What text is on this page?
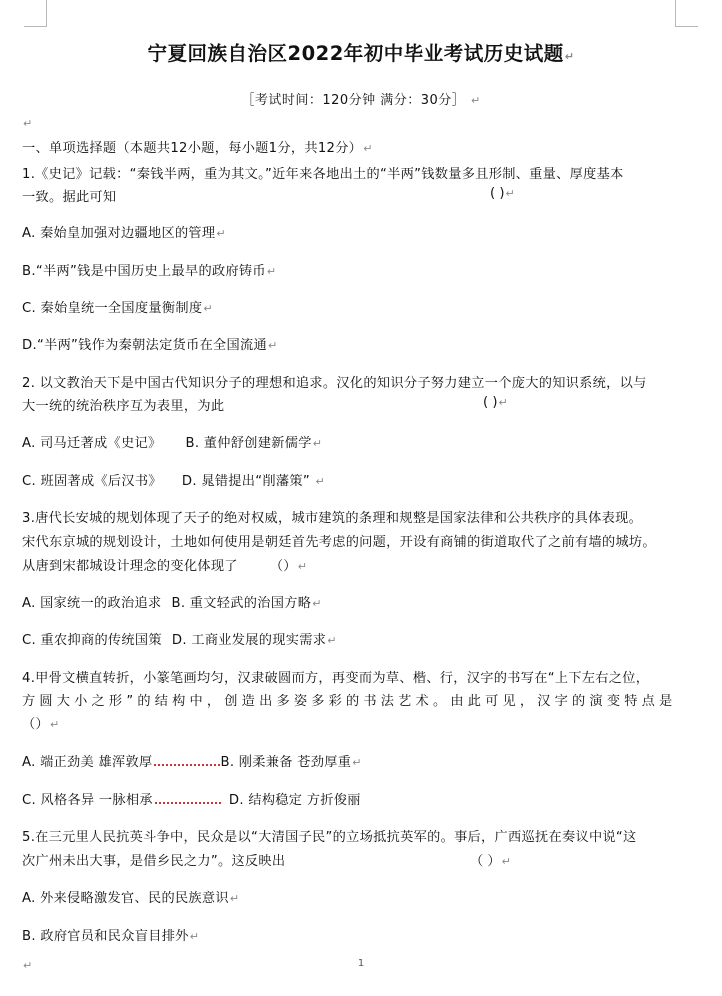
宁夏回族自治区2022年初中毕业考试历史试题↵
［考试时间：120分钟 满分：30分］ ↵
↵
一、单项选择题（本题共12小题，每小题1分，共12分）↵
1.《史记》记载：“秦钱半两，重为其文。”近年来各地出土的“半两”钱数量多且形制、重量、厚度基本
一致。据此可知	( )↵
A. 秦始皇加强对边疆地区的管理↵
B.“半两”钱是中国历史上最早的政府铸币↵
C. 秦始皇统一全国度量衡制度↵
D.“半两”钱作为秦朝法定货币在全国流通↵
2. 以文教治天下是中国古代知识分子的理想和追求。汉化的知识分子努力建立一个庞大的知识系统，以与
大一统的统治秩序互为表里，为此	( )↵
A. 司马迁著成《史记》 B. 董仲舒创建新儒学↵
C. 班固著成《后汉书》 D. 晁错提出“削藩策” ↵
3.唐代长安城的规划体现了天子的绝对权威，城市建筑的条理和规整是国家法律和公共秩序的具体表现。
宋代东京城的规划设计，土地如何使用是朝廷首先考虑的问题，开设有商铺的街道取代了之前有墙的城坊。
从唐到宋都城设计理念的变化体现了 （）↵
A. 国家统一的政治追求 B. 重文轻武的治国方略↵
C. 重农抑商的传统国策 D. 工商业发展的现实需求↵
4.甲骨文横直转折，小篆笔画均匀，汉隶破圆而方，再变而为草、楷、行，汉字的书写在“上下左右之位，
方圆大小之形”的结构中，创造出多姿多彩的书法艺术。由此可见，汉字的演变特点是
（）↵
A. 端正劲美 雄浑敦厚	B. 刚柔兼备 苍劲厚重↵
C. 风格各异 一脉相承	D. 结构稳定 方折俊丽
5.在三元里人民抗英斗争中，民众是以“大清国子民”的立场抵抗英军的。事后，广西巡抚在奏议中说“这
次广州未出大事，是借乡民之力”。这反映出	（ ）↵
A. 外来侵略激发官、民的民族意识↵
B. 政府官员和民众盲目排外↵
↵	1
